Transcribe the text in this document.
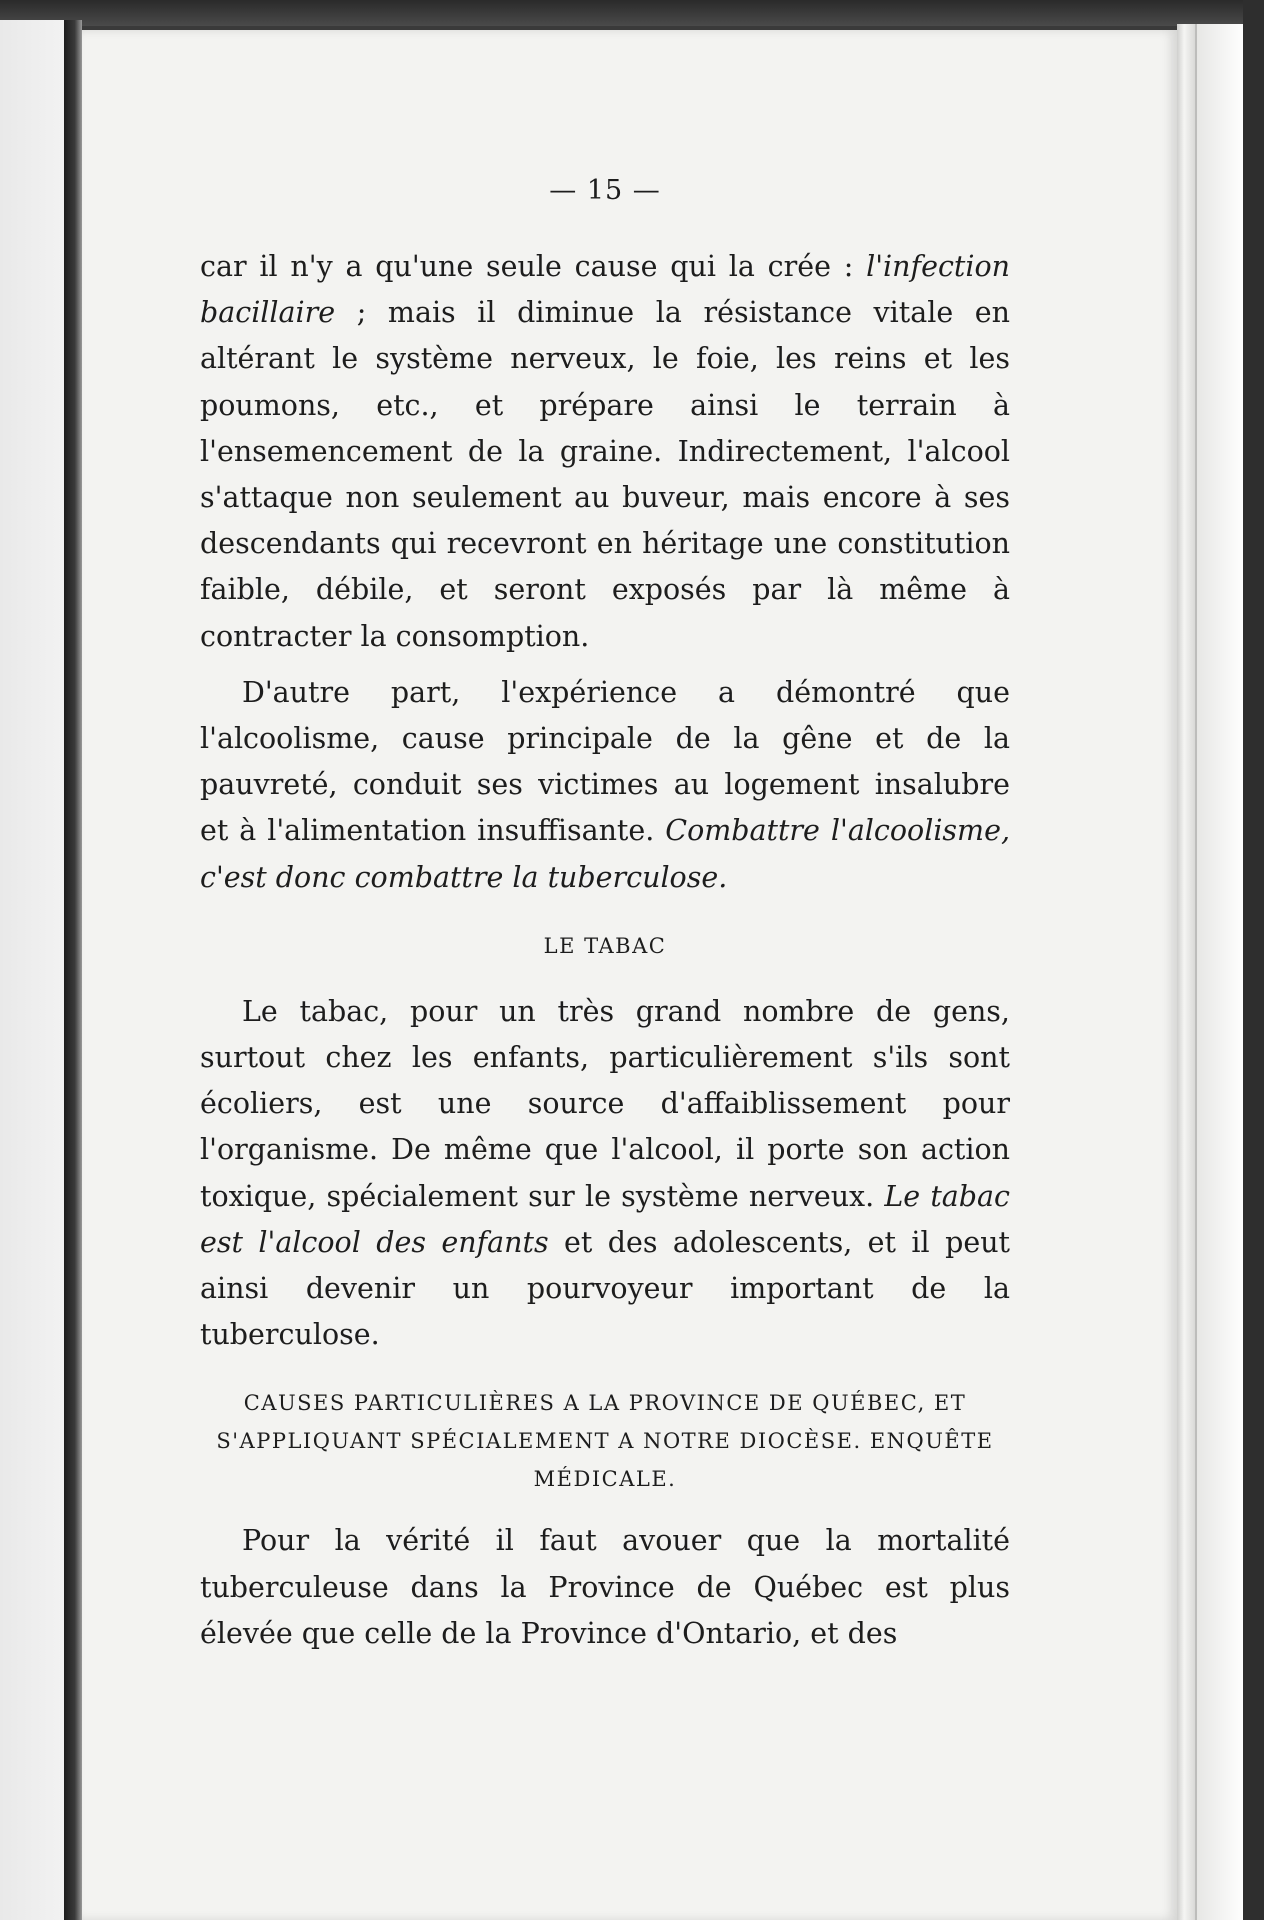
— 15 —

car il n'y a qu'une seule cause qui la crée : l'infection bacillaire ; mais il diminue la résistance vitale en altérant le système nerveux, le foie, les reins et les poumons, etc., et prépare ainsi le terrain à l'ensemencement de la graine. Indirectement, l'alcool s'attaque non seulement au buveur, mais encore à ses descendants qui recevront en héritage une constitution faible, débile, et seront exposés par là même à contracter la consomption.

D'autre part, l'expérience a démontré que l'alcoolisme, cause principale de la gêne et de la pauvreté, conduit ses victimes au logement insalubre et à l'alimentation insuffisante. Combattre l'alcoolisme, c'est donc combattre la tuberculose.

LE TABAC

Le tabac, pour un très grand nombre de gens, surtout chez les enfants, particulièrement s'ils sont écoliers, est une source d'affaiblissement pour l'organisme. De même que l'alcool, il porte son action toxique, spécialement sur le système nerveux. Le tabac est l'alcool des enfants et des adolescents, et il peut ainsi devenir un pourvoyeur important de la tuberculose.

CAUSES PARTICULIÈRES A LA PROVINCE DE QUÉBEC, ET S'APPLIQUANT SPÉCIALEMENT A NOTRE DIOCÈSE. ENQUÊTE MÉDICALE.

Pour la vérité il faut avouer que la mortalité tuberculeuse dans la Province de Québec est plus élevée que celle de la Province d'Ontario, et des
